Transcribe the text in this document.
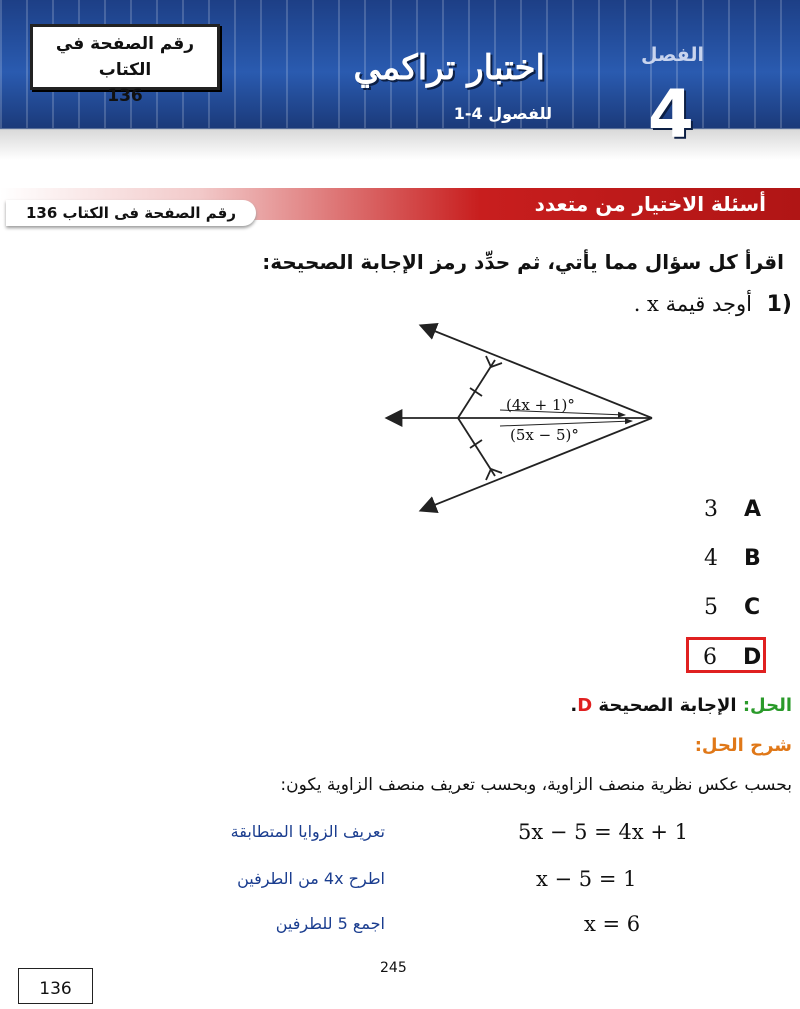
رقم الصفحة في الكتاب
136
اختبار تراكمي
للفصول 4-1
الفصل
4
أسئلة الاختيار من متعدد
رقم الصفحة فى الكتاب 136
اقرأ كل سؤال مما يأتي، ثم حدِّد رمز الإجابة الصحيحة:
1)
أوجد قيمة x .
(4x + 1)°
(5x − 5)°
3 A
4 B
5 C
6 D
الحل: الإجابة الصحيحة D.
شرح الحل:
بحسب عكس نظرية منصف الزاوية، وبحسب تعريف منصف الزاوية يكون:
5x − 5 = 4x + 1
تعريف الزوايا المتطابقة
x − 5 = 1
اطرح 4x من الطرفين
x = 6
اجمع 5 للطرفين
245
136
